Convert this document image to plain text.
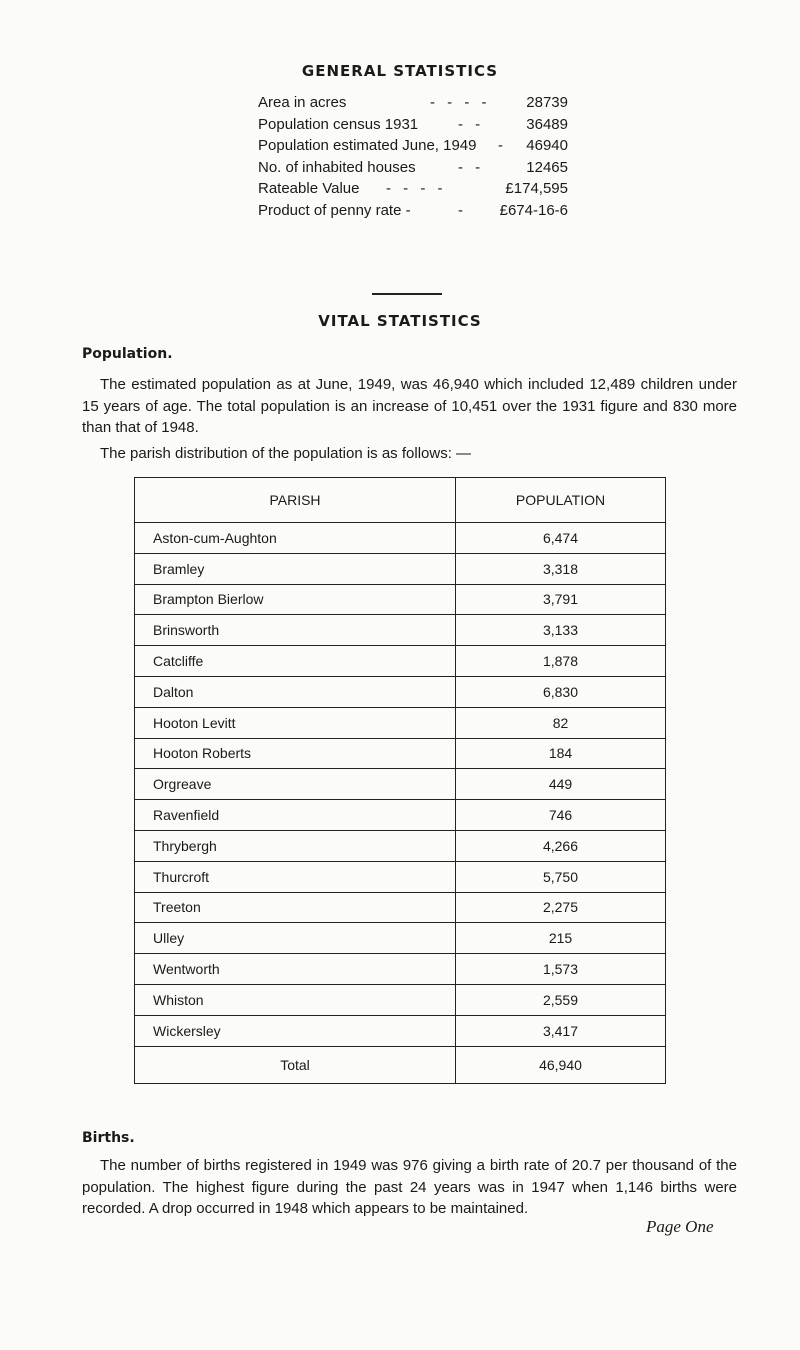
GENERAL STATISTICS
Area in acres	- - - - 28739
Population census 1931	- -	36489
Population estimated June, 1949 - 46940
No. of inhabited houses	- -	12465
Rateable Value - - - -	£174,595
Product of penny rate -	- £674-16-6
VITAL STATISTICS
Population.
The estimated population as at June, 1949, was 46,940 which included 12,489 children under 15 years of age. The total population is an increase of 10,451 over the 1931 figure and 830 more than that of 1948.
The parish distribution of the population is as follows: —
PARISH	POPULATION
Aston-cum-Aughton	6,474
Bramley	3,318
Brampton Bierlow	3,791
Brinsworth	3,133
Catcliffe	1,878
Dalton	6,830
Hooton Levitt	82
Hooton Roberts	184
Orgreave	449
Ravenfield	746
Thrybergh	4,266
Thurcroft	5,750
Treeton	2,275
Ulley	215
Wentworth	1,573
Whiston	2,559
Wickersley	3,417
Total	46,940
Births.
The number of births registered in 1949 was 976 giving a birth rate of 20.7 per thousand of the population. The highest figure during the past 24 years was in 1947 when 1,146 births were recorded. A drop occurred in 1948 which appears to be maintained.
Page One
